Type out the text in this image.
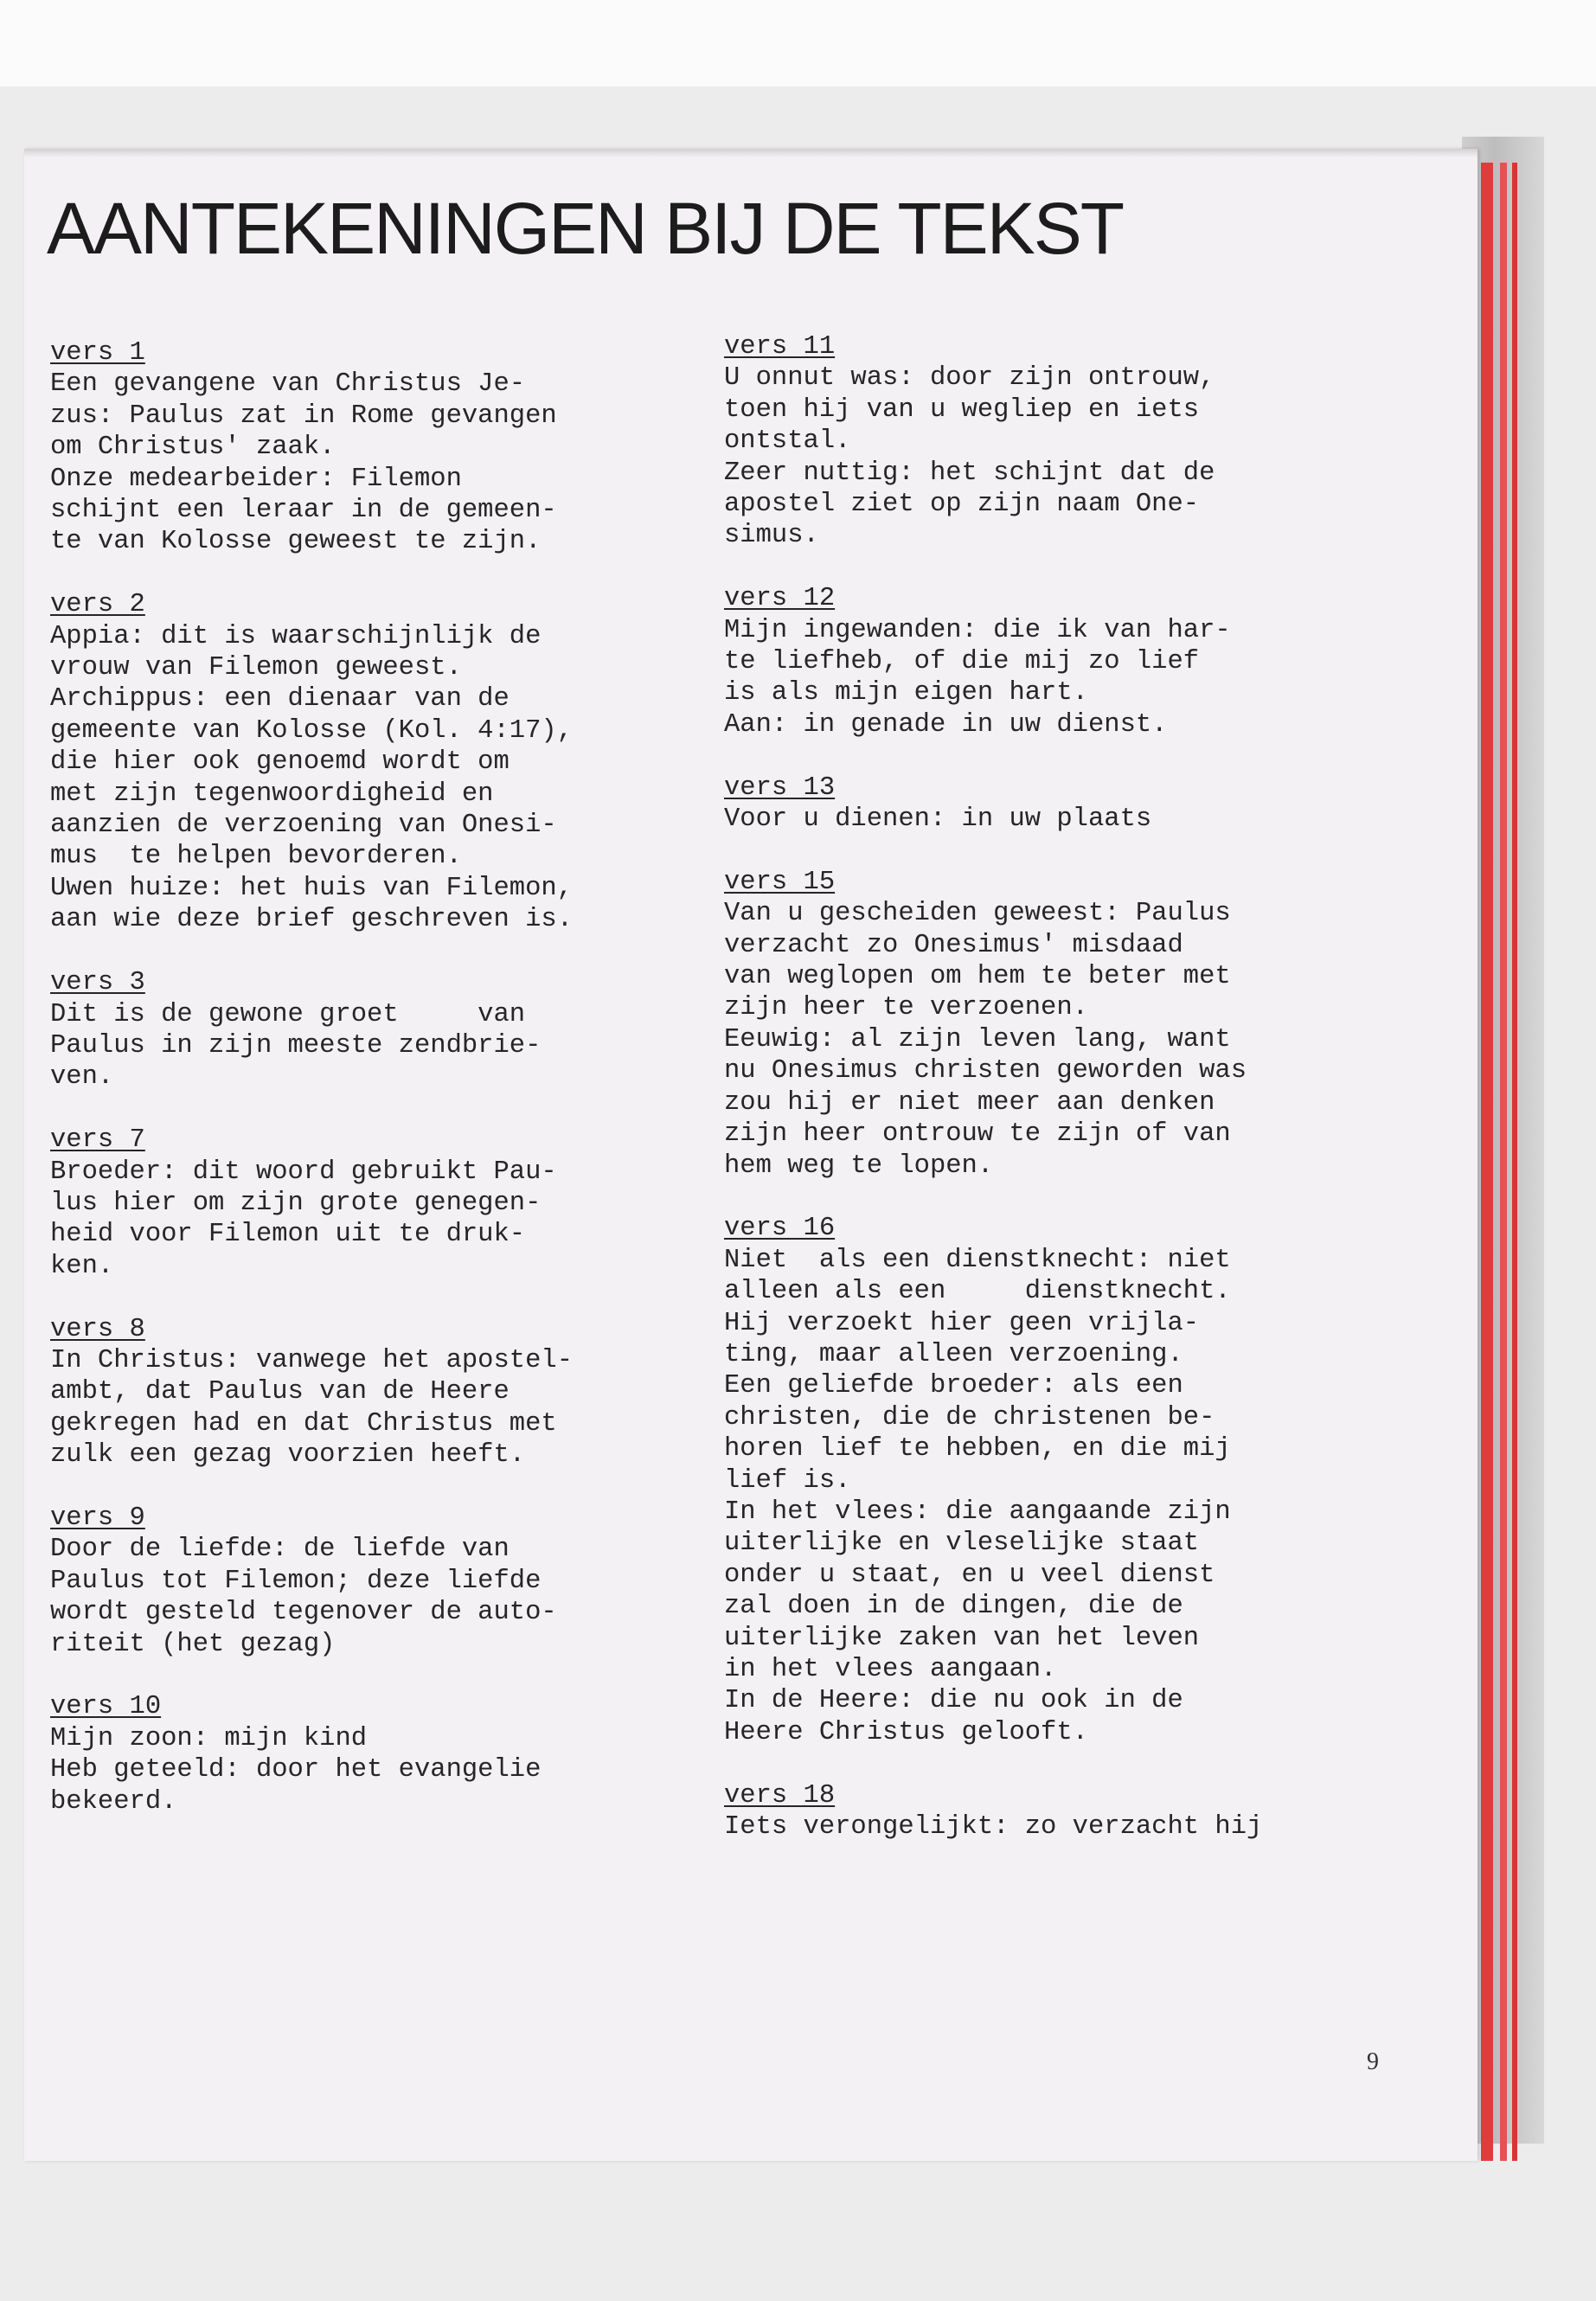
AANTEKENINGEN BIJ DE TEKST
vers 1
Een gevangene van Christus Je-
zus: Paulus zat in Rome gevangen
om Christus' zaak.
Onze medearbeider: Filemon
schijnt een leraar in de gemeen-
te van Kolosse geweest te zijn.
vers 2
Appia: dit is waarschijnlijk de
vrouw van Filemon geweest.
Archippus: een dienaar van de
gemeente van Kolosse (Kol. 4:17),
die hier ook genoemd wordt om
met zijn tegenwoordigheid en
aanzien de verzoening van Onesi-
mus  te helpen bevorderen.
Uwen huize: het huis van Filemon,
aan wie deze brief geschreven is.
vers 3
Dit is de gewone groet     van
Paulus in zijn meeste zendbrie-
ven.
vers 7
Broeder: dit woord gebruikt Pau-
lus hier om zijn grote genegen-
heid voor Filemon uit te druk-
ken.
vers 8
In Christus: vanwege het apostel-
ambt, dat Paulus van de Heere
gekregen had en dat Christus met
zulk een gezag voorzien heeft.
vers 9
Door de liefde: de liefde van
Paulus tot Filemon; deze liefde
wordt gesteld tegenover de auto-
riteit (het gezag)
vers 10
Mijn zoon: mijn kind
Heb geteeld: door het evangelie
bekeerd.
vers 11
U onnut was: door zijn ontrouw,
toen hij van u wegliep en iets
ontstal.
Zeer nuttig: het schijnt dat de
apostel ziet op zijn naam One-
simus.
vers 12
Mijn ingewanden: die ik van har-
te liefheb, of die mij zo lief
is als mijn eigen hart.
Aan: in genade in uw dienst.
vers 13
Voor u dienen: in uw plaats
vers 15
Van u gescheiden geweest: Paulus
verzacht zo Onesimus' misdaad
van weglopen om hem te beter met
zijn heer te verzoenen.
Eeuwig: al zijn leven lang, want
nu Onesimus christen geworden was
zou hij er niet meer aan denken
zijn heer ontrouw te zijn of van
hem weg te lopen.
vers 16
Niet  als een dienstknecht: niet
alleen als een     dienstknecht.
Hij verzoekt hier geen vrijla-
ting, maar alleen verzoening.
Een geliefde broeder: als een
christen, die de christenen be-
horen lief te hebben, en die mij
lief is.
In het vlees: die aangaande zijn
uiterlijke en vleselijke staat
onder u staat, en u veel dienst
zal doen in de dingen, die de
uiterlijke zaken van het leven
in het vlees aangaan.
In de Heere: die nu ook in de
Heere Christus gelooft.
vers 18
Iets verongelijkt: zo verzacht hij
9
